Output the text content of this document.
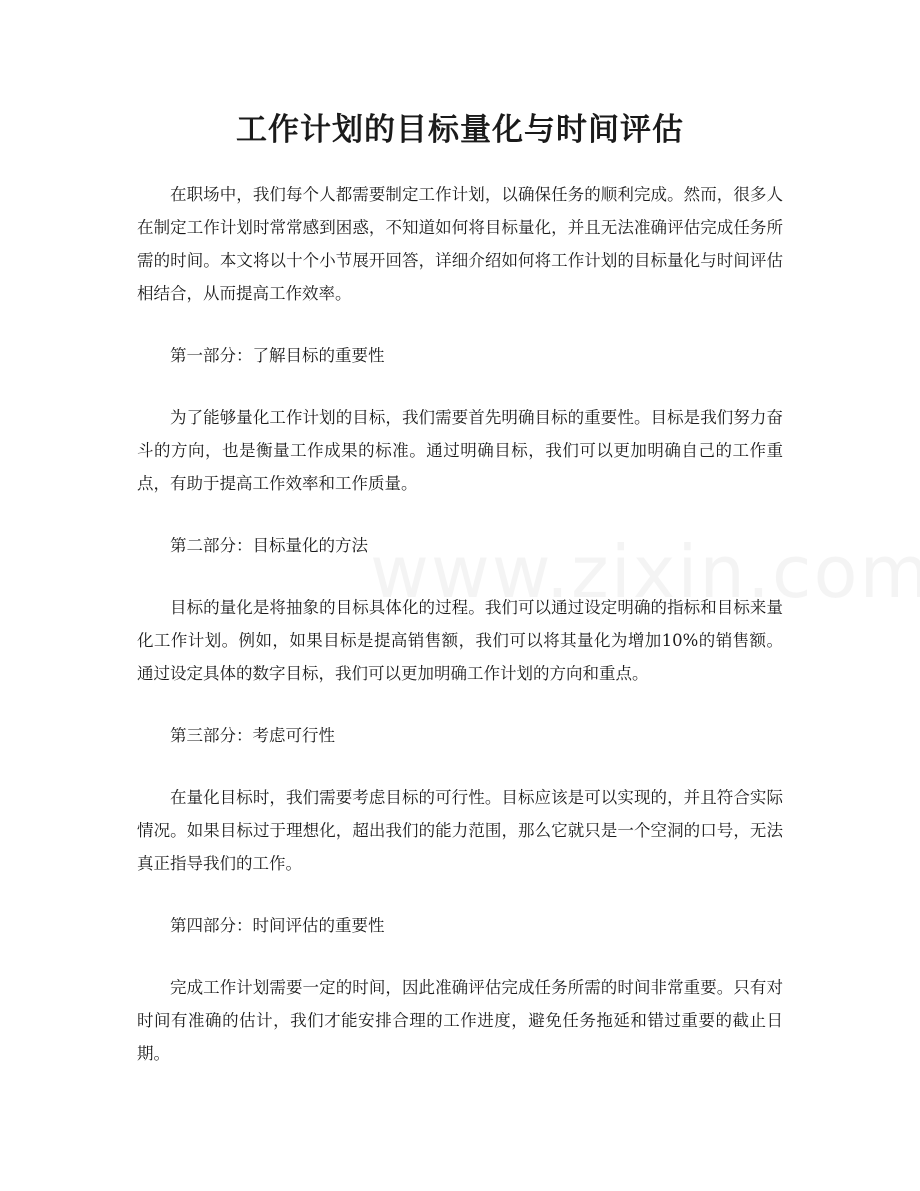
工作计划的目标量化与时间评估

在职场中，我们每个人都需要制定工作计划，以确保任务的顺利完成。然而，很多人在制定工作计划时常常感到困惑，不知道如何将目标量化，并且无法准确评估完成任务所需的时间。本文将以十个小节展开回答，详细介绍如何将工作计划的目标量化与时间评估相结合，从而提高工作效率。

第一部分：了解目标的重要性

为了能够量化工作计划的目标，我们需要首先明确目标的重要性。目标是我们努力奋斗的方向，也是衡量工作成果的标准。通过明确目标，我们可以更加明确自己的工作重点，有助于提高工作效率和工作质量。

第二部分：目标量化的方法

目标的量化是将抽象的目标具体化的过程。我们可以通过设定明确的指标和目标来量化工作计划。例如，如果目标是提高销售额，我们可以将其量化为增加10%的销售额。通过设定具体的数字目标，我们可以更加明确工作计划的方向和重点。

第三部分：考虑可行性

在量化目标时，我们需要考虑目标的可行性。目标应该是可以实现的，并且符合实际情况。如果目标过于理想化，超出我们的能力范围，那么它就只是一个空洞的口号，无法真正指导我们的工作。

第四部分：时间评估的重要性

完成工作计划需要一定的时间，因此准确评估完成任务所需的时间非常重要。只有对时间有准确的估计，我们才能安排合理的工作进度，避免任务拖延和错过重要的截止日期。
